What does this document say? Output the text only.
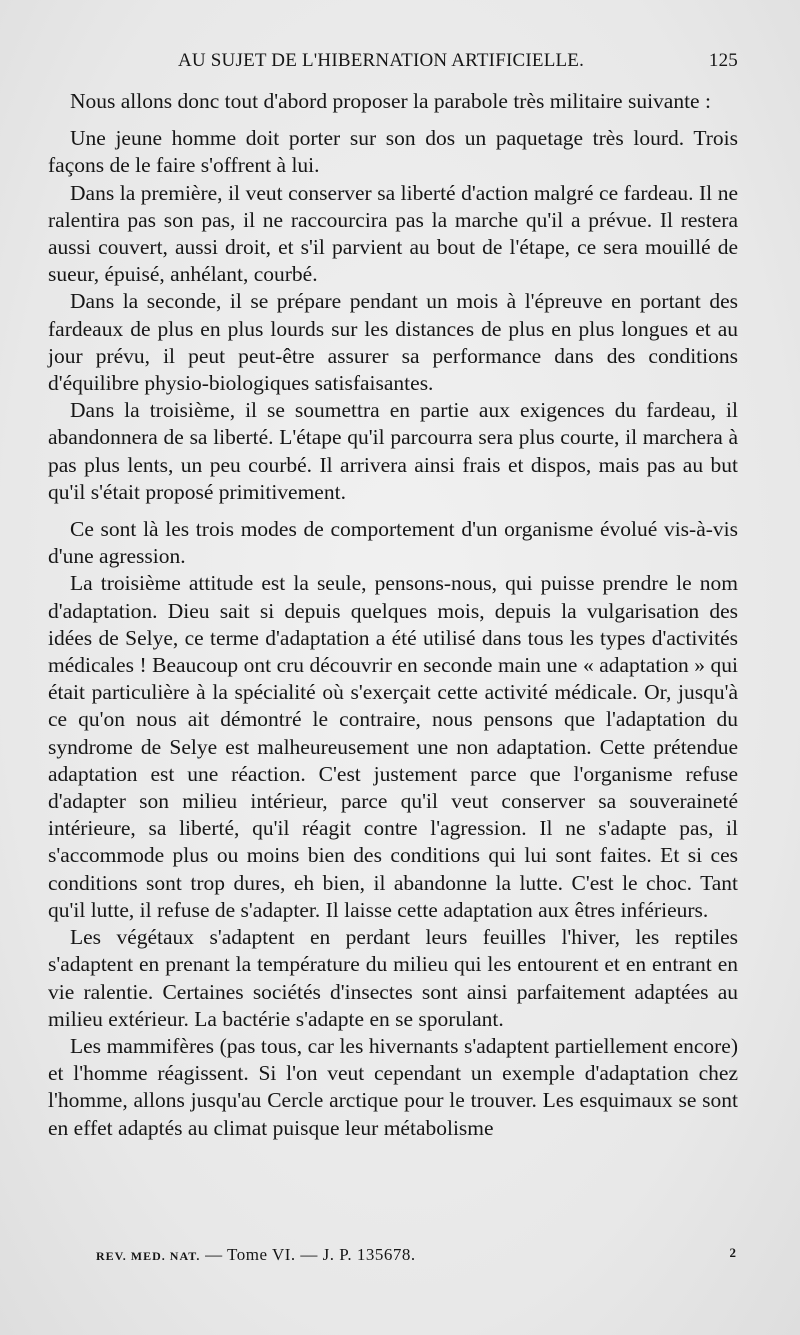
AU SUJET DE L'HIBERNATION ARTIFICIELLE.	125

Nous allons donc tout d'abord proposer la parabole très militaire suivante :

Une jeune homme doit porter sur son dos un paquetage très lourd. Trois façons de le faire s'offrent à lui.

Dans la première, il veut conserver sa liberté d'action malgré ce fardeau. Il ne ralentira pas son pas, il ne raccourcira pas la marche qu'il a prévue. Il restera aussi couvert, aussi droit, et s'il parvient au bout de l'étape, ce sera mouillé de sueur, épuisé, anhélant, courbé.

Dans la seconde, il se prépare pendant un mois à l'épreuve en portant des fardeaux de plus en plus lourds sur les distances de plus en plus longues et au jour prévu, il peut peut-être assurer sa performance dans des conditions d'équilibre physio-biologiques satisfaisantes.

Dans la troisième, il se soumettra en partie aux exigences du fardeau, il abandonnera de sa liberté. L'étape qu'il parcourra sera plus courte, il marchera à pas plus lents, un peu courbé. Il arrivera ainsi frais et dispos, mais pas au but qu'il s'était proposé primitivement.

Ce sont là les trois modes de comportement d'un organisme évolué vis-à-vis d'une agression.

La troisième attitude est la seule, pensons-nous, qui puisse prendre le nom d'adaptation. Dieu sait si depuis quelques mois, depuis la vulgarisation des idées de Selye, ce terme d'adaptation a été utilisé dans tous les types d'activités médicales ! Beaucoup ont cru découvrir en seconde main une « adaptation » qui était particulière à la spécialité où s'exerçait cette activité médicale. Or, jusqu'à ce qu'on nous ait démontré le contraire, nous pensons que l'adaptation du syndrome de Selye est malheureusement une non adaptation. Cette prétendue adaptation est une réaction. C'est justement parce que l'organisme refuse d'adapter son milieu intérieur, parce qu'il veut conserver sa souveraineté intérieure, sa liberté, qu'il réagit contre l'agression. Il ne s'adapte pas, il s'accommode plus ou moins bien des conditions qui lui sont faites. Et si ces conditions sont trop dures, eh bien, il abandonne la lutte. C'est le choc. Tant qu'il lutte, il refuse de s'adapter. Il laisse cette adaptation aux êtres inférieurs.

Les végétaux s'adaptent en perdant leurs feuilles l'hiver, les reptiles s'adaptent en prenant la température du milieu qui les entourent et en entrant en vie ralentie. Certaines sociétés d'insectes sont ainsi parfaitement adaptées au milieu extérieur. La bactérie s'adapte en se sporulant.

Les mammifères (pas tous, car les hivernants s'adaptent partiellement encore) et l'homme réagissent. Si l'on veut cependant un exemple d'adaptation chez l'homme, allons jusqu'au Cercle arctique pour le trouver. Les esquimaux se sont en effet adaptés au climat puisque leur métabolisme

REV. MED. NAT. — Tome VI. — J. P. 135678.	2
